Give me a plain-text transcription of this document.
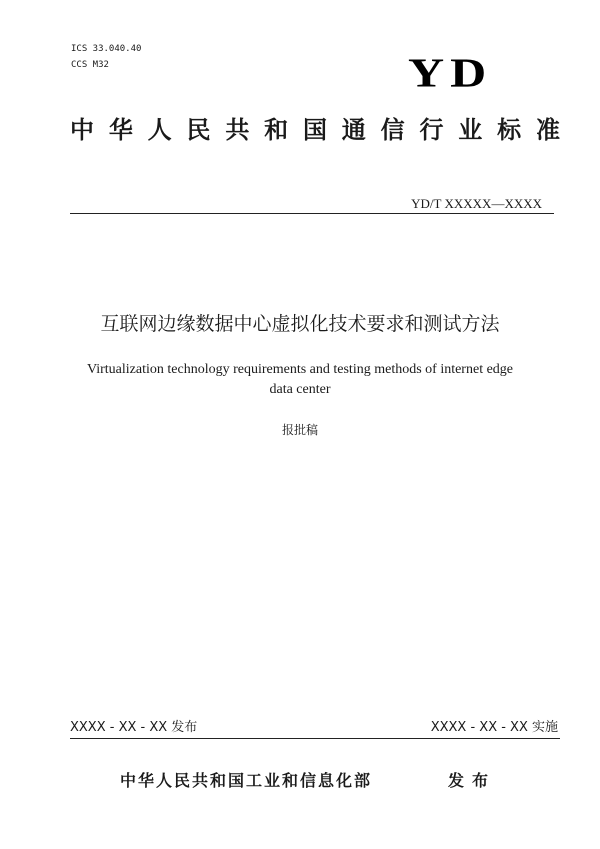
ICS 33.040.40
CCS M32	YD
中 华 人 民 共 和 国 通 信 行 业 标 准
YD/T XXXXX—XXXX
互联网边缘数据中心虚拟化技术要求和测试方法
Virtualization technology requirements and testing methods of internet edge data center
报批稿
XXXX - XX - XX 发布	XXXX - XX - XX 实施
中华人民共和国工业和信息化部	发布
